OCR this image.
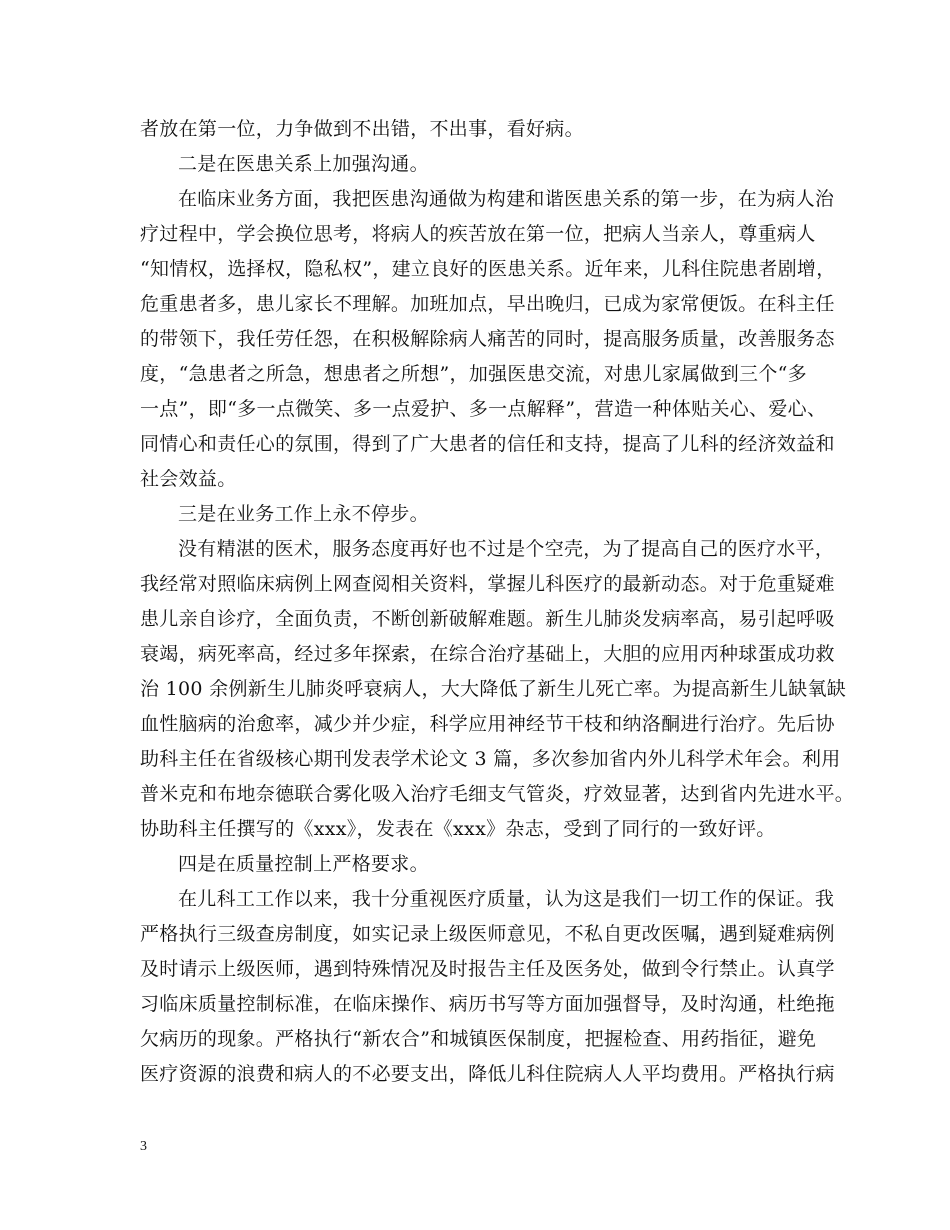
者放在第一位，力争做到不出错，不出事，看好病。
二是在医患关系上加强沟通。
在临床业务方面，我把医患沟通做为构建和谐医患关系的第一步，在为病人治
疗过程中，学会换位思考，将病人的疾苦放在第一位，把病人当亲人，尊重病人
“知情权，选择权，隐私权”，建立良好的医患关系。近年来，儿科住院患者剧增，
危重患者多，患儿家长不理解。加班加点，早出晚归，已成为家常便饭。在科主任
的带领下，我任劳任怨，在积极解除病人痛苦的同时，提高服务质量，改善服务态
度，“急患者之所急，想患者之所想”，加强医患交流，对患儿家属做到三个“多
一点”，即“多一点微笑、多一点爱护、多一点解释”，营造一种体贴关心、爱心、
同情心和责任心的氛围，得到了广大患者的信任和支持，提高了儿科的经济效益和
社会效益。
三是在业务工作上永不停步。
没有精湛的医术，服务态度再好也不过是个空壳，为了提高自己的医疗水平，
我经常对照临床病例上网查阅相关资料，掌握儿科医疗的最新动态。对于危重疑难
患儿亲自诊疗，全面负责，不断创新破解难题。新生儿肺炎发病率高，易引起呼吸
衰竭，病死率高，经过多年探索，在综合治疗基础上，大胆的应用丙种球蛋成功救
治 100 余例新生儿肺炎呼衰病人，大大降低了新生儿死亡率。为提高新生儿缺氧缺
血性脑病的治愈率，减少并少症，科学应用神经节干枝和纳洛酮进行治疗。先后协
助科主任在省级核心期刊发表学术论文 3 篇，多次参加省内外儿科学术年会。利用
普米克和布地奈德联合雾化吸入治疗毛细支气管炎，疗效显著，达到省内先进水平。
协助科主任撰写的《xxx》，发表在《xxx》杂志，受到了同行的一致好评。
四是在质量控制上严格要求。
在儿科工工作以来，我十分重视医疗质量，认为这是我们一切工作的保证。我
严格执行三级查房制度，如实记录上级医师意见，不私自更改医嘱，遇到疑难病例
及时请示上级医师，遇到特殊情况及时报告主任及医务处，做到令行禁止。认真学
习临床质量控制标准，在临床操作、病历书写等方面加强督导，及时沟通，杜绝拖
欠病历的现象。严格执行“新农合”和城镇医保制度，把握检查、用药指征，避免
医疗资源的浪费和病人的不必要支出，降低儿科住院病人人平均费用。严格执行病
3
